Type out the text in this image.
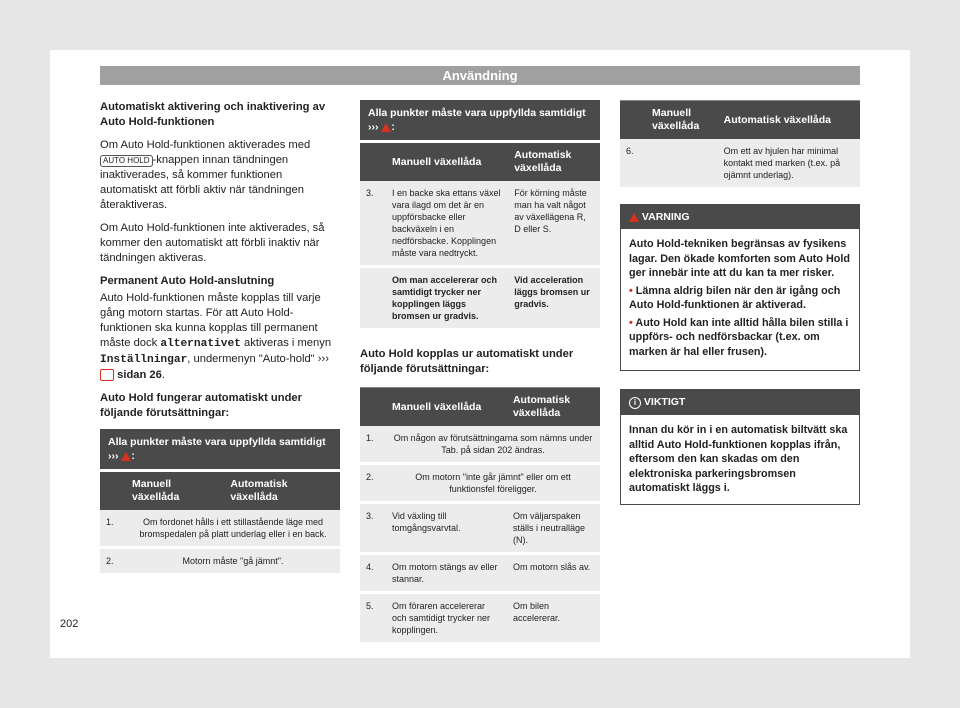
Användning

Automatiskt aktivering och inaktivering av Auto Hold-funktionen

Om Auto Hold-funktionen aktiverades med AUTO HOLD -knappen innan tändningen inaktiverades, så kommer funktionen automatiskt att förbli aktiv när tändningen återaktiveras.

Om Auto Hold-funktionen inte aktiverades, så kommer den automatiskt att förbli inaktiv när tändningen aktiveras.

Permanent Auto Hold-anslutning

Auto Hold-funktionen måste kopplas till varje gång motorn startas. För att Auto Hold-funktionen ska kunna kopplas till permanent måste dock alternativet aktiveras i menyn Inställningar, undermenyn "Auto-hold" ›››  sidan 26.

Auto Hold fungerar automatiskt under följande förutsättningar:

Alla punkter måste vara uppfyllda samtidigt ››› :		
	Manuell växellåda	Automatisk växellåda
1.	Om fordonet hålls i ett stillastående läge med bromspedalen på platt underlag eller i en back.	
2.	Motorn måste "gå jämnt".	
Alla punkter måste vara uppfyllda samtidigt ››› :		
	Manuell växellåda	Automatisk växellåda
3.	I en backe ska ettans växel vara ilagd om det är en uppförsbacke eller backväxeln i en nedförsbacke. Kopplingen måste vara nedtryckt.	För körning måste man ha valt något av växellägena R, D eller S.
	Om man accelererar och samtidigt trycker ner kopplingen läggs bromsen ur gradvis.	Vid acceleration läggs bromsen ur gradvis.

Auto Hold kopplas ur automatiskt under följande förutsättningar:

	Manuell växellåda	Automatisk växellåda
1.	Om någon av förutsättningarna som nämns under Tab. på sidan 202 ändras.	
2.	Om motorn "inte går jämnt" eller om ett funktionsfel föreligger.	
3.	Vid växling till tomgångsvarvtal.	Om väljarspaken ställs i neutralläge (N).
4.	Om motorn stängs av eller stannar.	Om motorn slås av.
5.	Om föraren accelererar och samtidigt trycker ner kopplingen.	Om bilen accelererar.
	Manuell växellåda	Automatisk växellåda
6.		Om ett av hjulen har minimal kontakt med marken (t.ex. på ojämnt underlag).
VARNING

Auto Hold-tekniken begränsas av fysikens lagar. Den ökade komforten som Auto Hold ger innebär inte att du kan ta mer risker.

• Lämna aldrig bilen när den är igång och Auto Hold-funktionen är aktiverad.

• Auto Hold kan inte alltid hålla bilen stilla i uppförs- och nedförsbackar (t.ex. om marken är hal eller frusen).

i VIKTIGT
Innan du kör in i en automatisk biltvätt ska alltid Auto Hold-funktionen kopplas ifrån, eftersom den kan skadas om den elektroniska parkeringsbromsen automatiskt läggs i.
202
